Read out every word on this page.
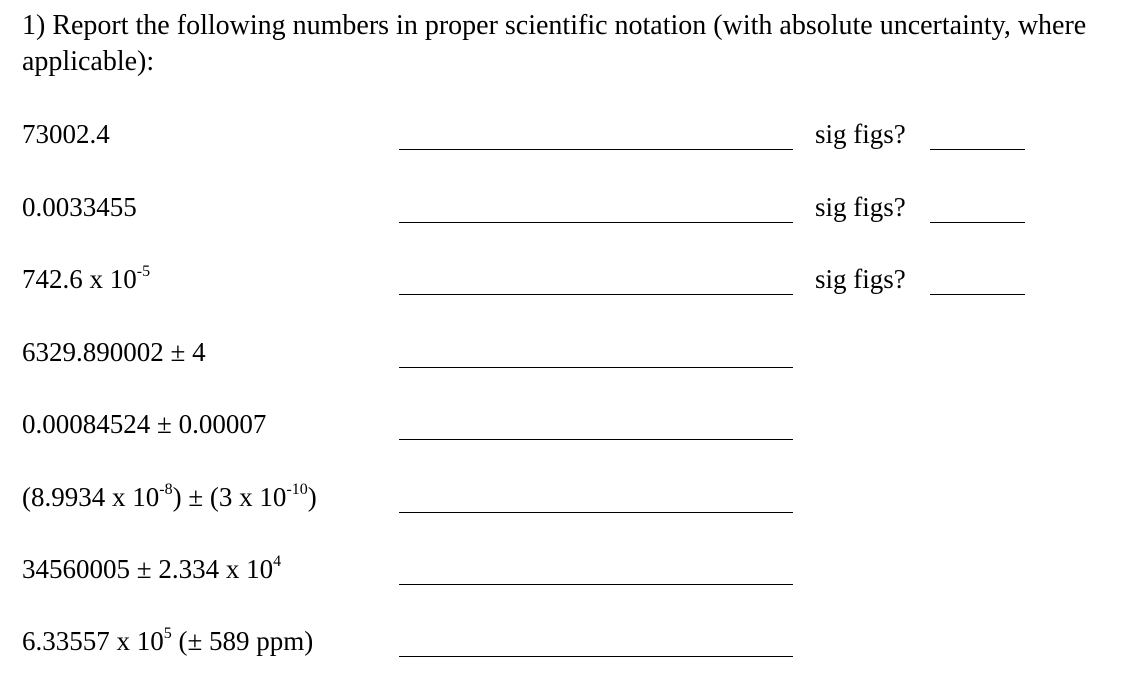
1) Report the following numbers in proper scientific notation (with absolute uncertainty, where applicable):
73002.4	sig figs?
0.0033455	sig figs?
742.6 x $10^{-5}$	sig figs?
6329.890002 ± 4
0.00084524 ± 0.00007
(8.9934 x $10^{-8}) \pm (3$ x $10^{-10}$)
34560005 ± 2.334 x $10^4$
6.33557 x $10^5$ (± 589 ppm)
